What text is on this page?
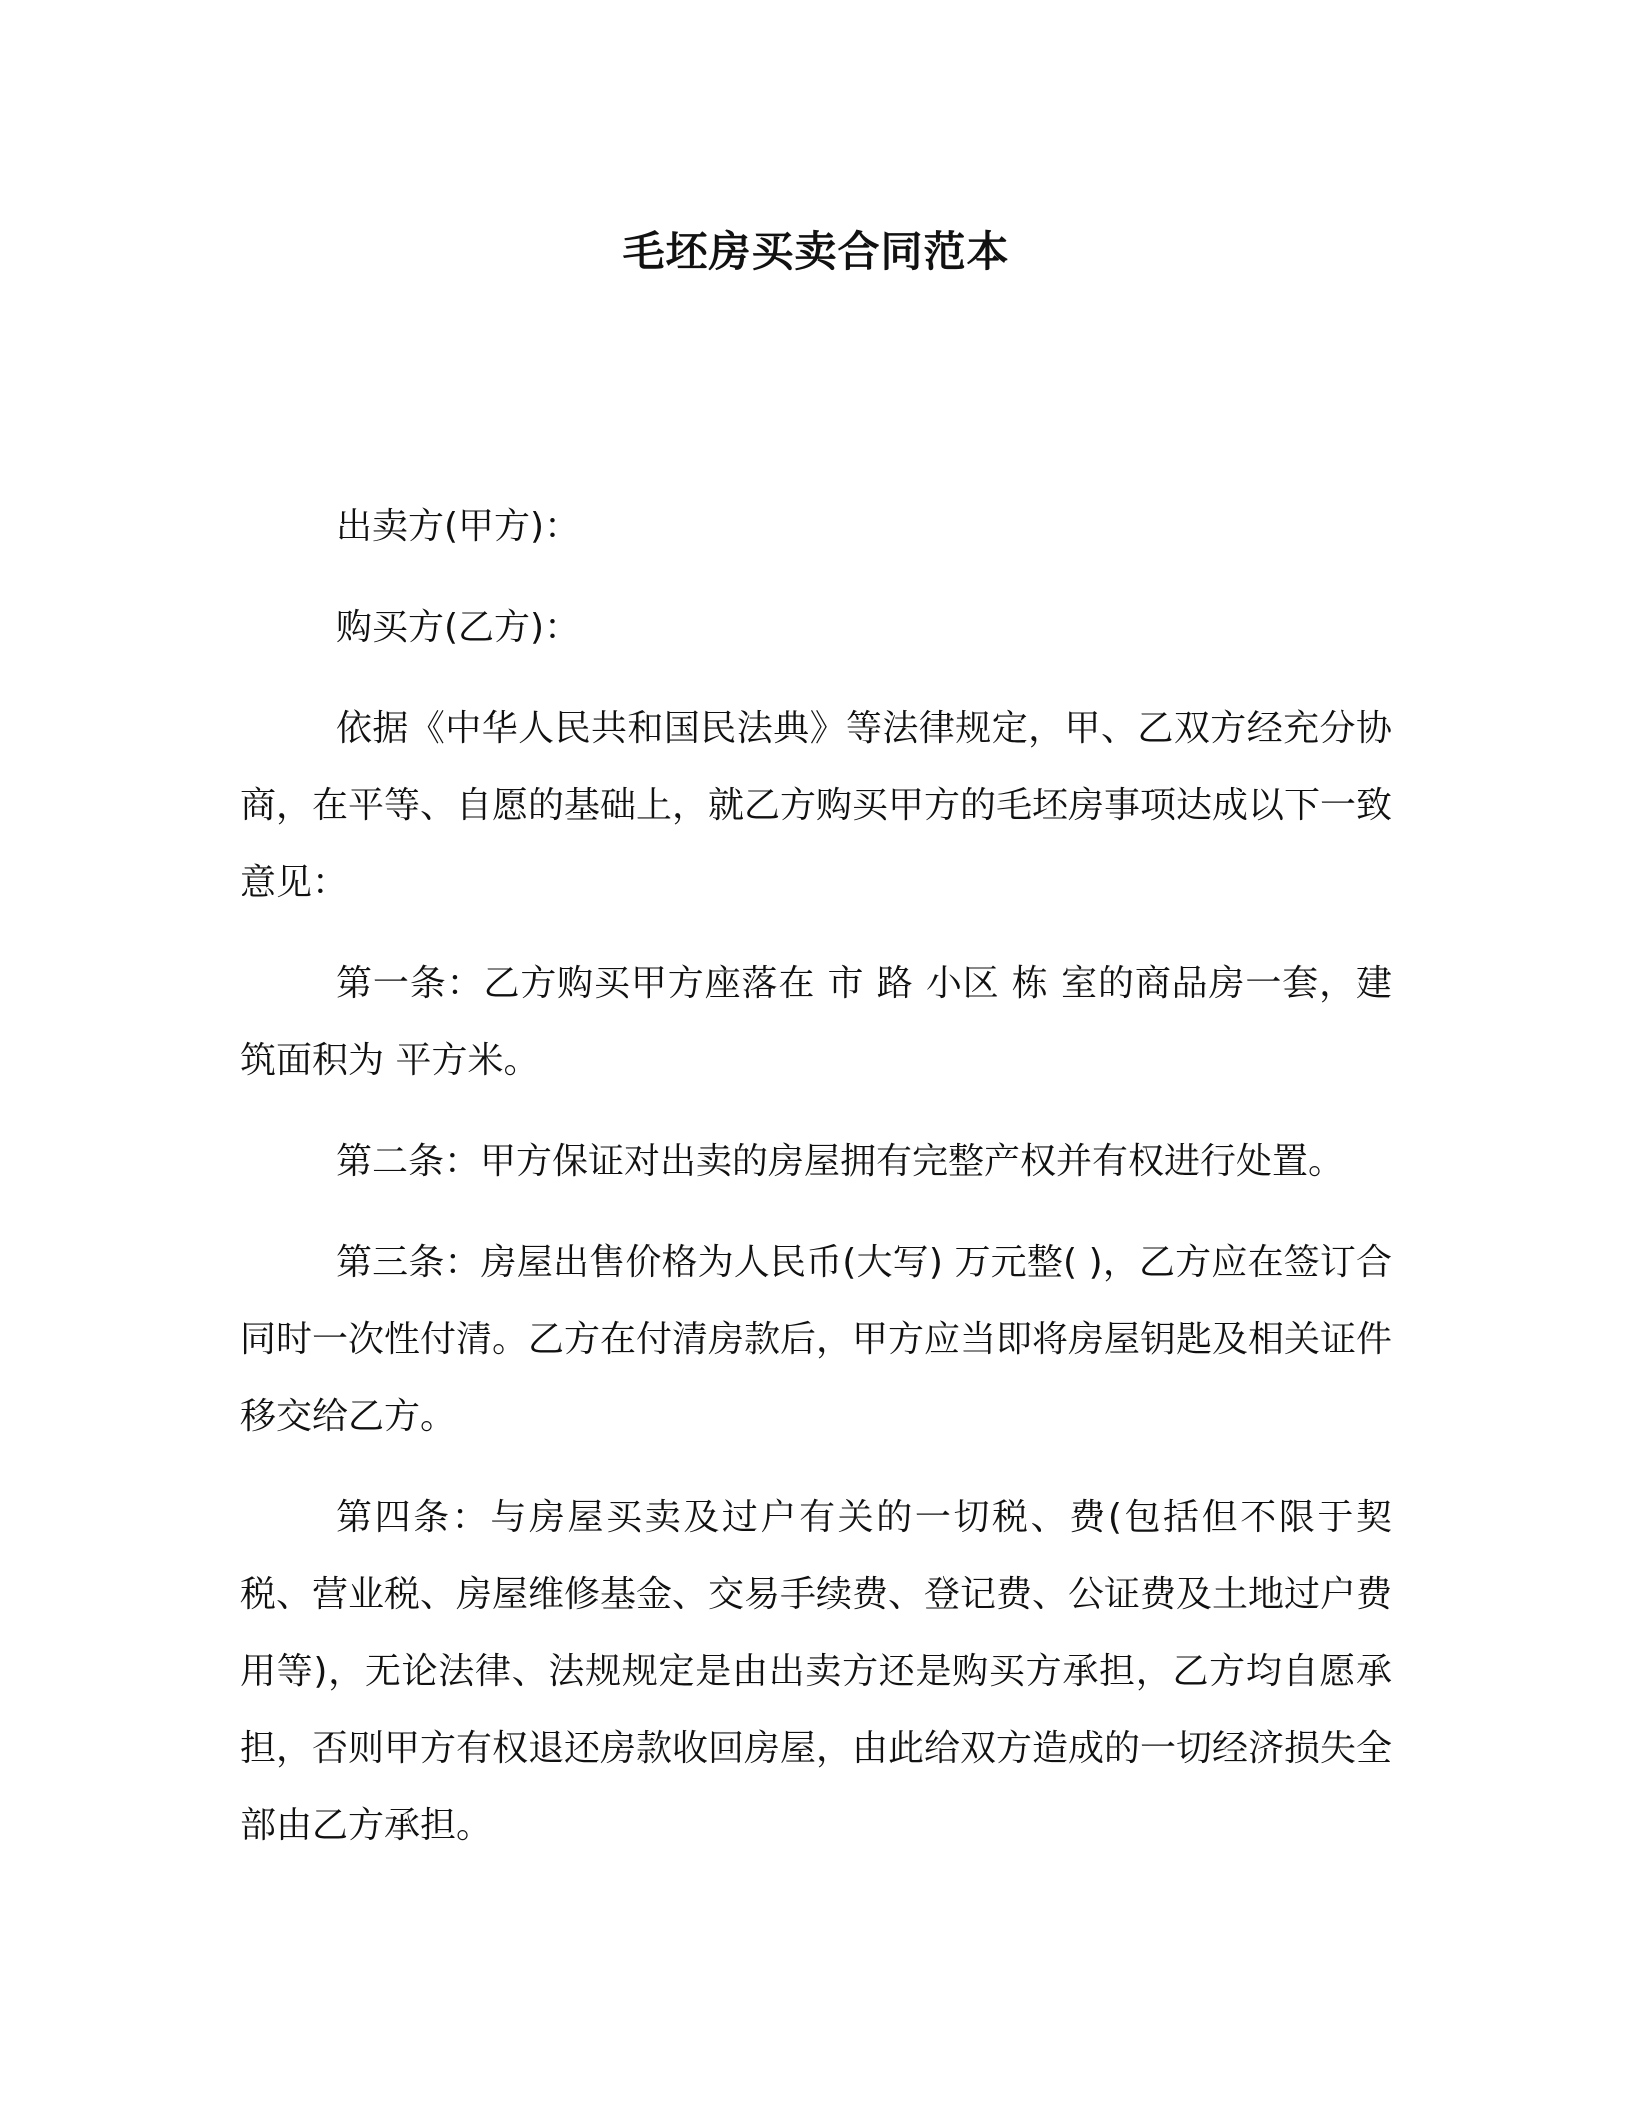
毛坯房买卖合同范本

出卖方(甲方)：

购买方(乙方)：

依据《中华人民共和国民法典》等法律规定，甲、乙双方经充分协商，在平等、自愿的基础上，就乙方购买甲方的毛坯房事项达成以下一致意见：

第一条：乙方购买甲方座落在 市 路 小区 栋 室的商品房一套，建筑面积为 平方米。

第二条：甲方保证对出卖的房屋拥有完整产权并有权进行处置。

第三条：房屋出售价格为人民币(大写) 万元整( )，乙方应在签订合同时一次性付清。乙方在付清房款后，甲方应当即将房屋钥匙及相关证件移交给乙方。

第四条：与房屋买卖及过户有关的一切税、费(包括但不限于契税、营业税、房屋维修基金、交易手续费、登记费、公证费及土地过户费用等)，无论法律、法规规定是由出卖方还是购买方承担，乙方均自愿承担，否则甲方有权退还房款收回房屋，由此给双方造成的一切经济损失全部由乙方承担。
